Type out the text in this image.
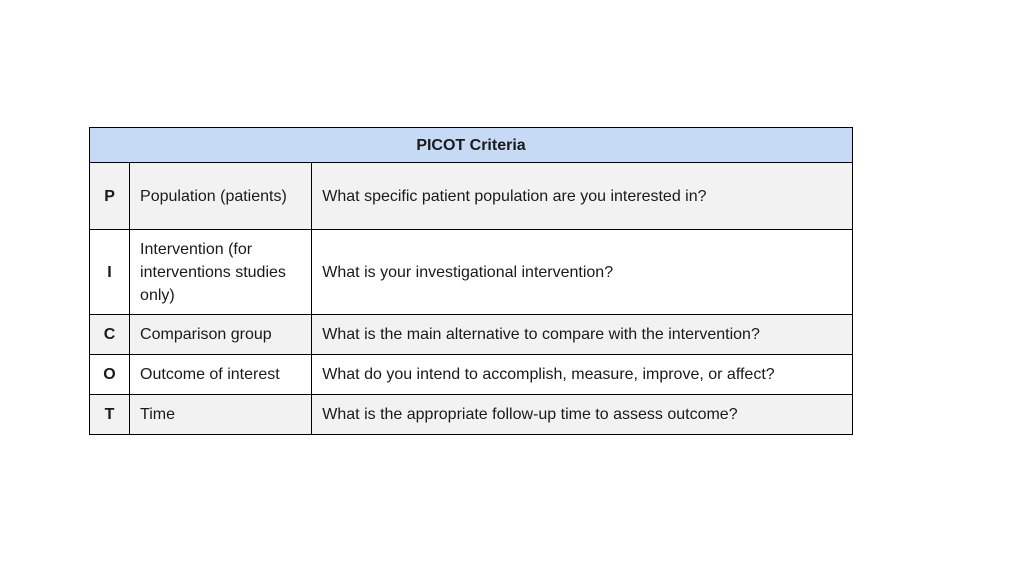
PICOT Criteria		
P	Population (patients)	What specific patient population are you interested in?
I	Intervention (for interventions studies only)	What is your investigational intervention?
C	Comparison group	What is the main alternative to compare with the intervention?
O	Outcome of interest	What do you intend to accomplish, measure, improve, or affect?
T	Time	What is the appropriate follow-up time to assess outcome?
